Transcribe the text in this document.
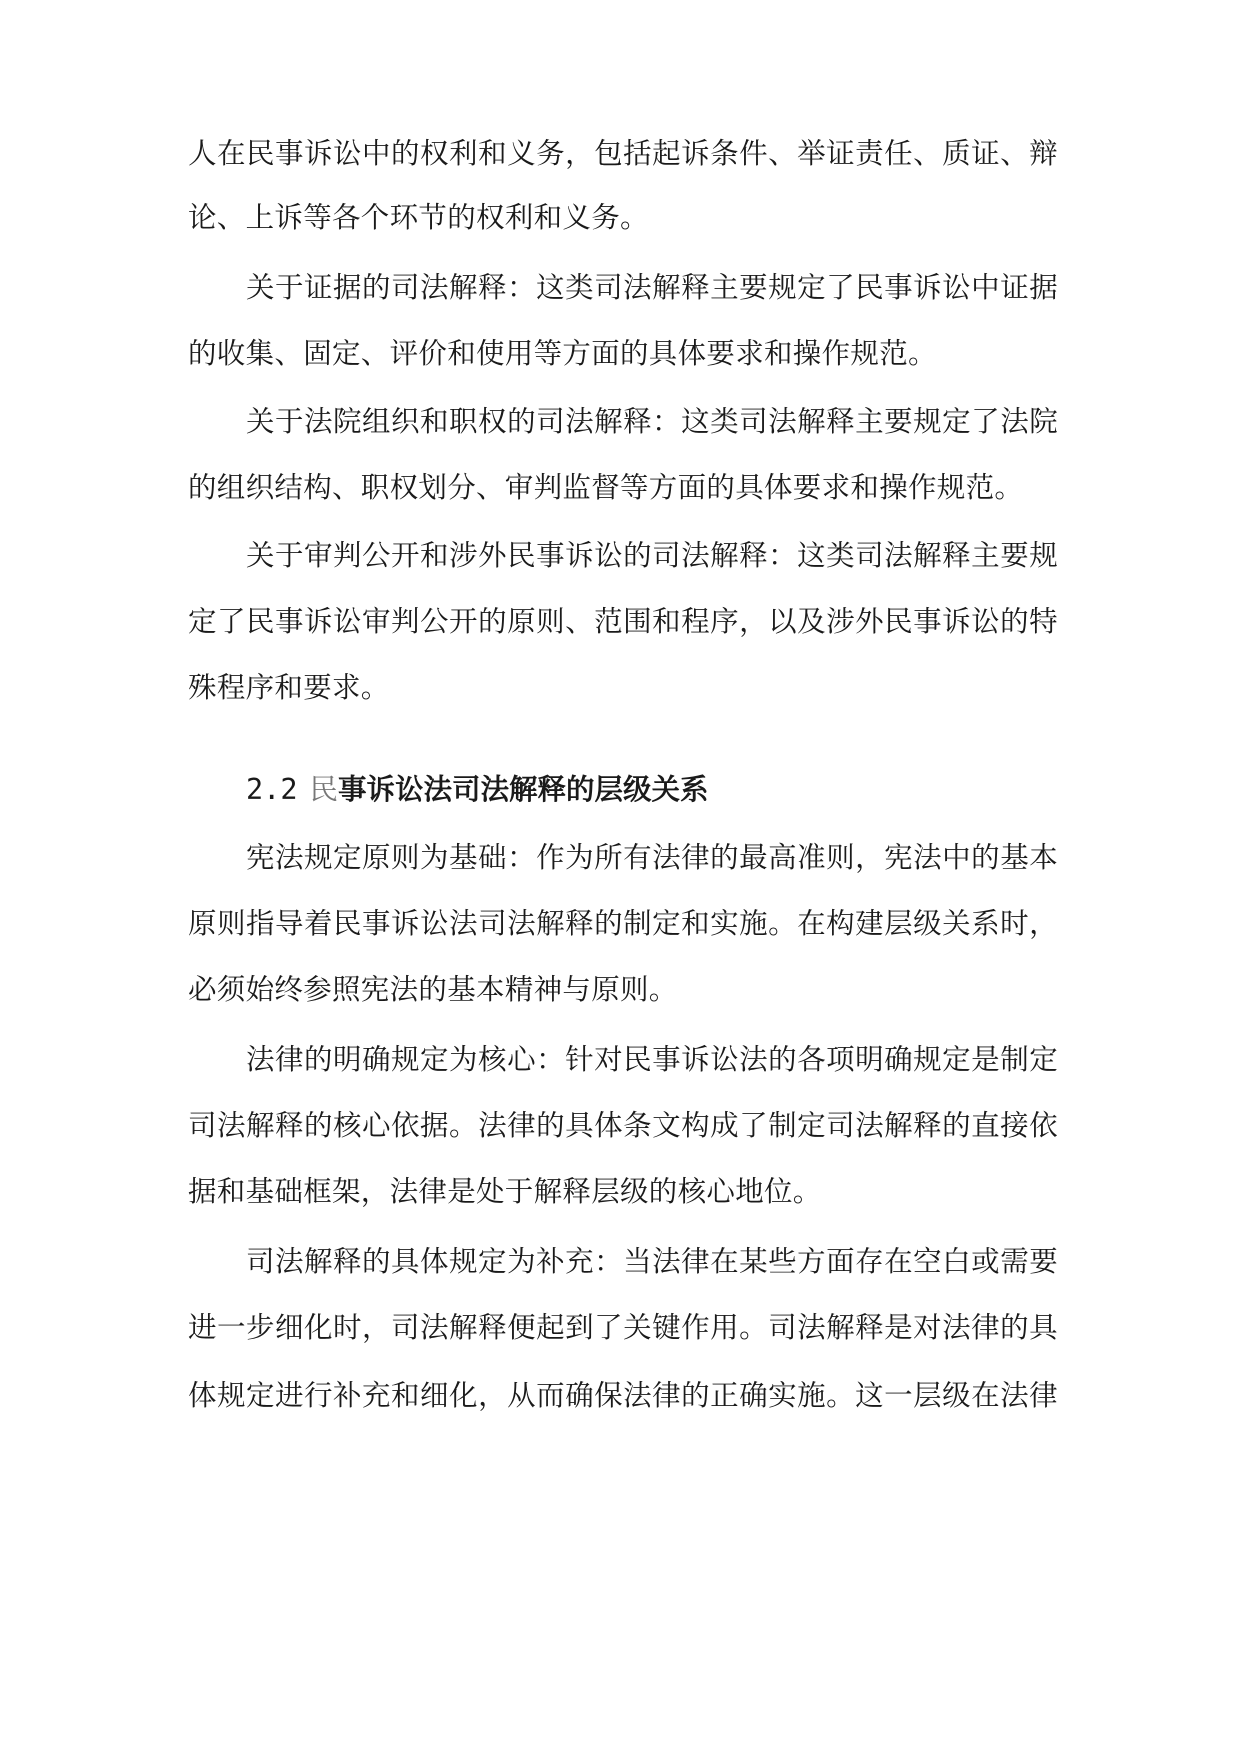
人在民事诉讼中的权利和义务，包括起诉条件、举证责任、质证、辩
论、上诉等各个环节的权利和义务。
关于证据的司法解释：这类司法解释主要规定了民事诉讼中证据
的收集、固定、评价和使用等方面的具体要求和操作规范。
关于法院组织和职权的司法解释：这类司法解释主要规定了法院
的组织结构、职权划分、审判监督等方面的具体要求和操作规范。
关于审判公开和涉外民事诉讼的司法解释：这类司法解释主要规
定了民事诉讼审判公开的原则、范围和程序，以及涉外民事诉讼的特
殊程序和要求。
2.2 民事诉讼法司法解释的层级关系
宪法规定原则为基础：作为所有法律的最高准则，宪法中的基本
原则指导着民事诉讼法司法解释的制定和实施。在构建层级关系时，
必须始终参照宪法的基本精神与原则。
法律的明确规定为核心：针对民事诉讼法的各项明确规定是制定
司法解释的核心依据。法律的具体条文构成了制定司法解释的直接依
据和基础框架，法律是处于解释层级的核心地位。
司法解释的具体规定为补充：当法律在某些方面存在空白或需要
进一步细化时，司法解释便起到了关键作用。司法解释是对法律的具
体规定进行补充和细化，从而确保法律的正确实施。这一层级在法律
